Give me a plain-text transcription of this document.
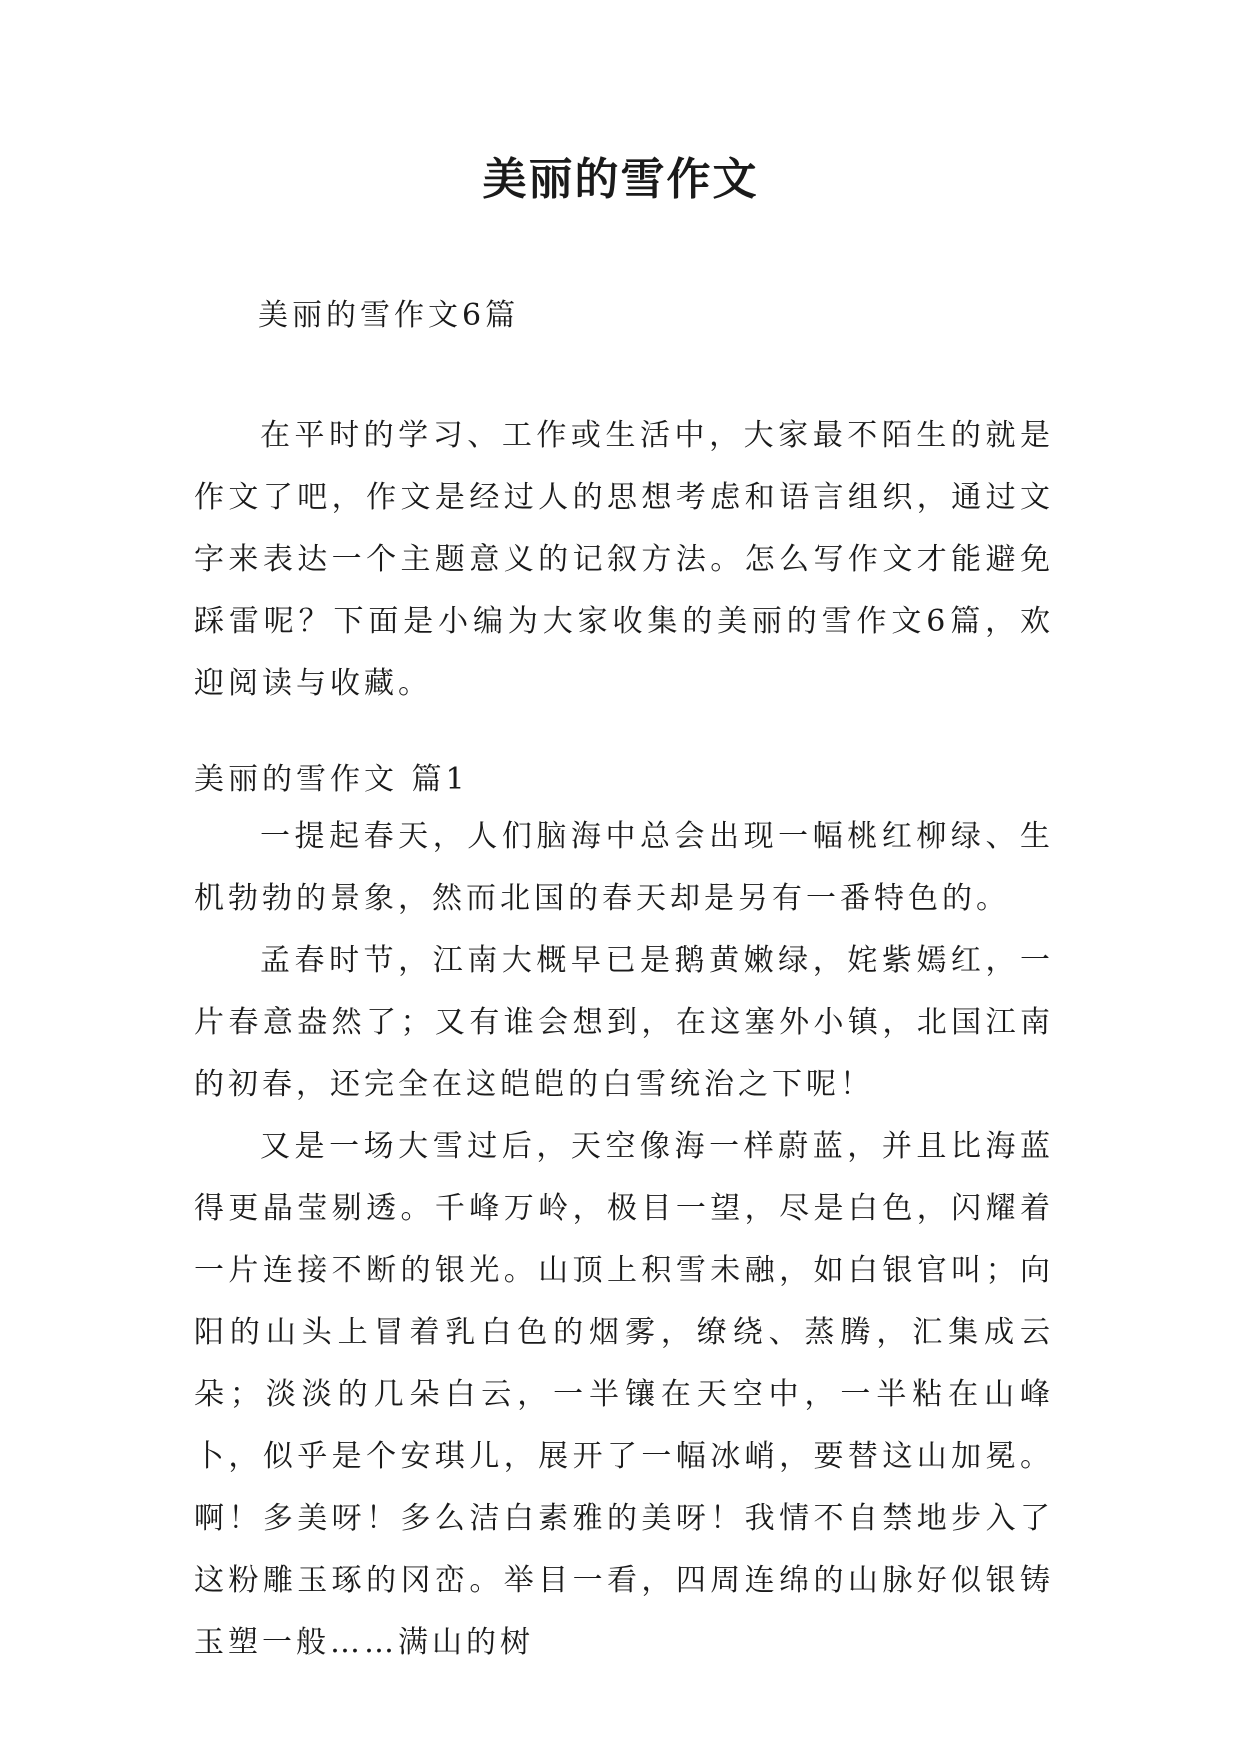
美丽的雪作文

美丽的雪作文6篇

在平时的学习、工作或生活中，大家最不陌生的就是作文了吧，作文是经过人的思想考虑和语言组织，通过文字来表达一个主题意义的记叙方法。怎么写作文才能避免踩雷呢？下面是小编为大家收集的美丽的雪作文6篇，欢迎阅读与收藏。

美丽的雪作文 篇1

一提起春天，人们脑海中总会出现一幅桃红柳绿、生机勃勃的景象，然而北国的春天却是另有一番特色的。

孟春时节，江南大概早已是鹅黄嫩绿，姹紫嫣红，一片春意盎然了；又有谁会想到，在这塞外小镇，北国江南的初春，还完全在这皑皑的白雪统治之下呢！

又是一场大雪过后，天空像海一样蔚蓝，并且比海蓝得更晶莹剔透。千峰万岭，极目一望，尽是白色，闪耀着一片连接不断的银光。山顶上积雪未融，如白银官叫；向阳的山头上冒着乳白色的烟雾，缭绕、蒸腾，汇集成云朵；淡淡的几朵白云，一半镶在天空中，一半粘在山峰卜，似乎是个安琪儿，展开了一幅冰峭，要替这山加冕。啊！多美呀！多么洁白素雅的美呀！我情不自禁地步入了这粉雕玉琢的冈峦。举目一看，四周连绵的山脉好似银铸玉塑一般……满山的树
